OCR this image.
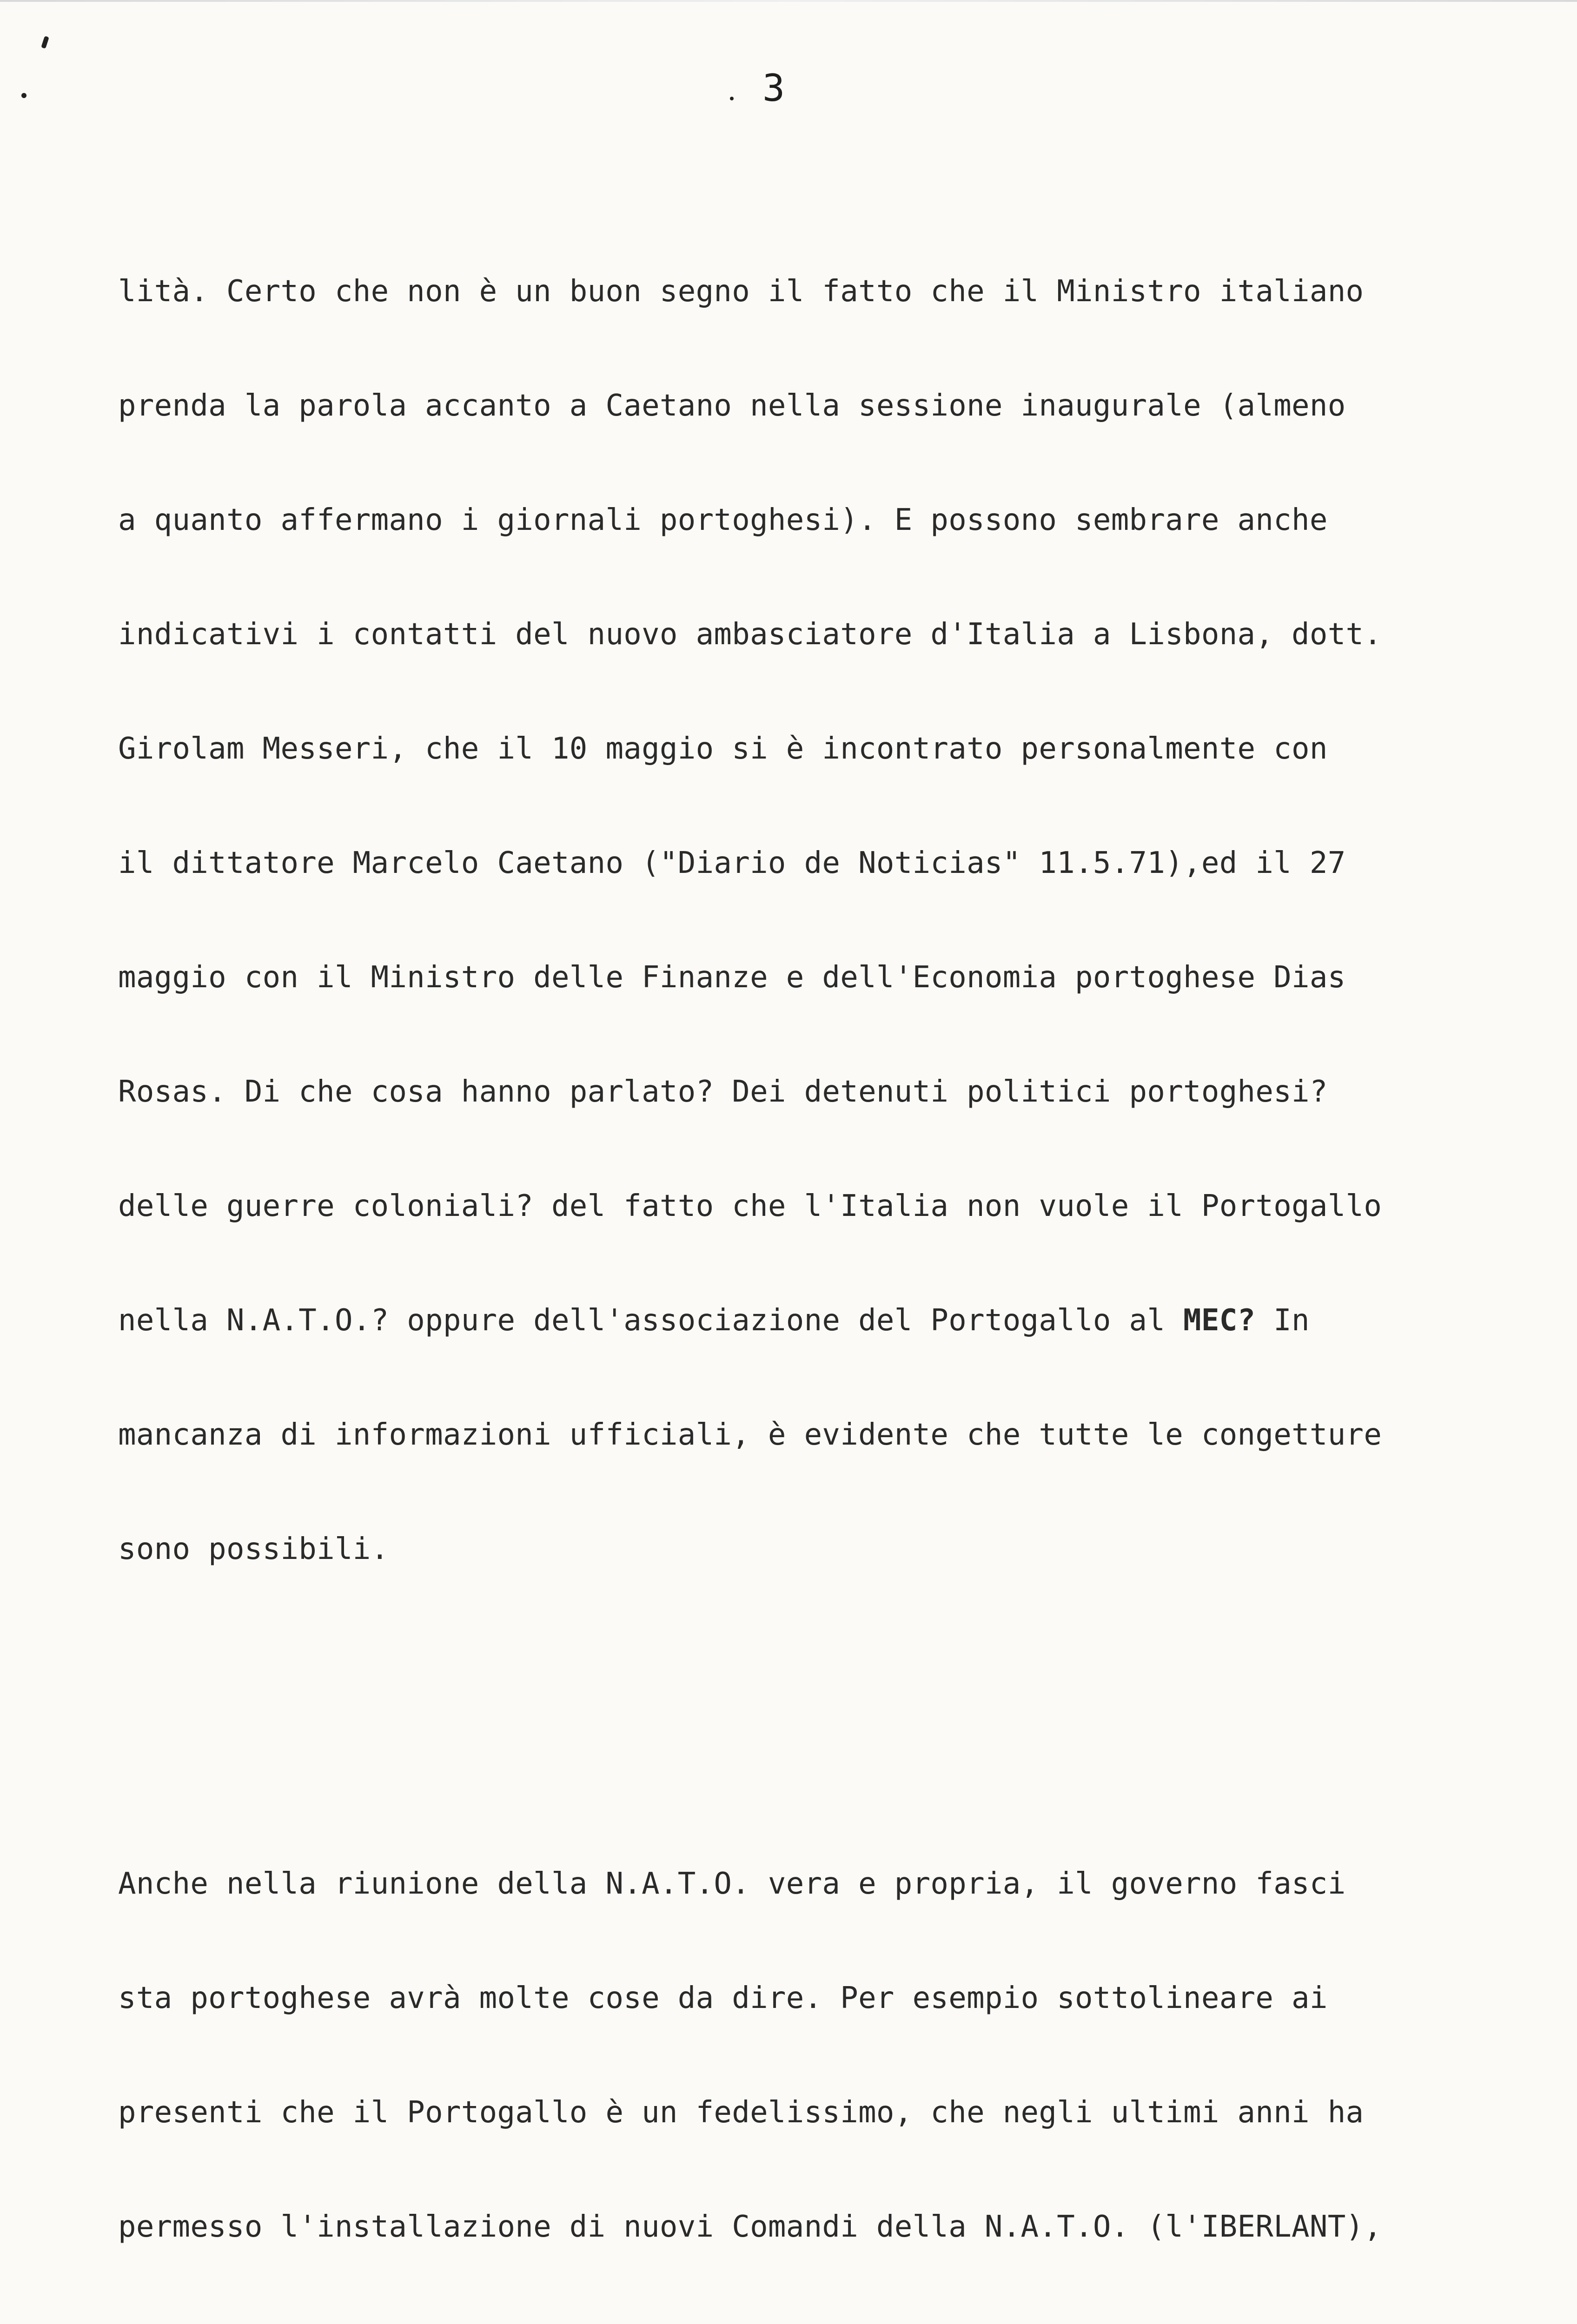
3

lità. Certo che non è un buon segno il fatto che il Ministro italiano

prenda la parola accanto a Caetano nella sessione inaugurale (almeno

a quanto affermano i giornali portoghesi). E possono sembrare anche

indicativi i contatti del nuovo ambasciatore d'Italia a Lisbona, dott.

Girolam Messeri, che il 10 maggio si è incontrato personalmente con

il dittatore Marcelo Caetano ("Diario de Noticias" 11.5.71),ed il 27

maggio con il Ministro delle Finanze e dell'Economia portoghese Dias

Rosas. Di che cosa hanno parlato? Dei detenuti politici portoghesi?

delle guerre coloniali? del fatto che l'Italia non vuole il Portogallo

nella N.A.T.O.? oppure dell'associazione del Portogallo al MEC? In

mancanza di informazioni ufficiali, è evidente che tutte le congetture

sono possibili.

Anche nella riunione della N.A.T.O. vera e propria, il governo fasci

sta portoghese avrà molte cose da dire. Per esempio sottolineare ai

presenti che il Portogallo è un fedelissimo, che negli ultimi anni ha

permesso l'installazione di nuovi Comandi della N.A.T.O. (l'IBERLANT),
